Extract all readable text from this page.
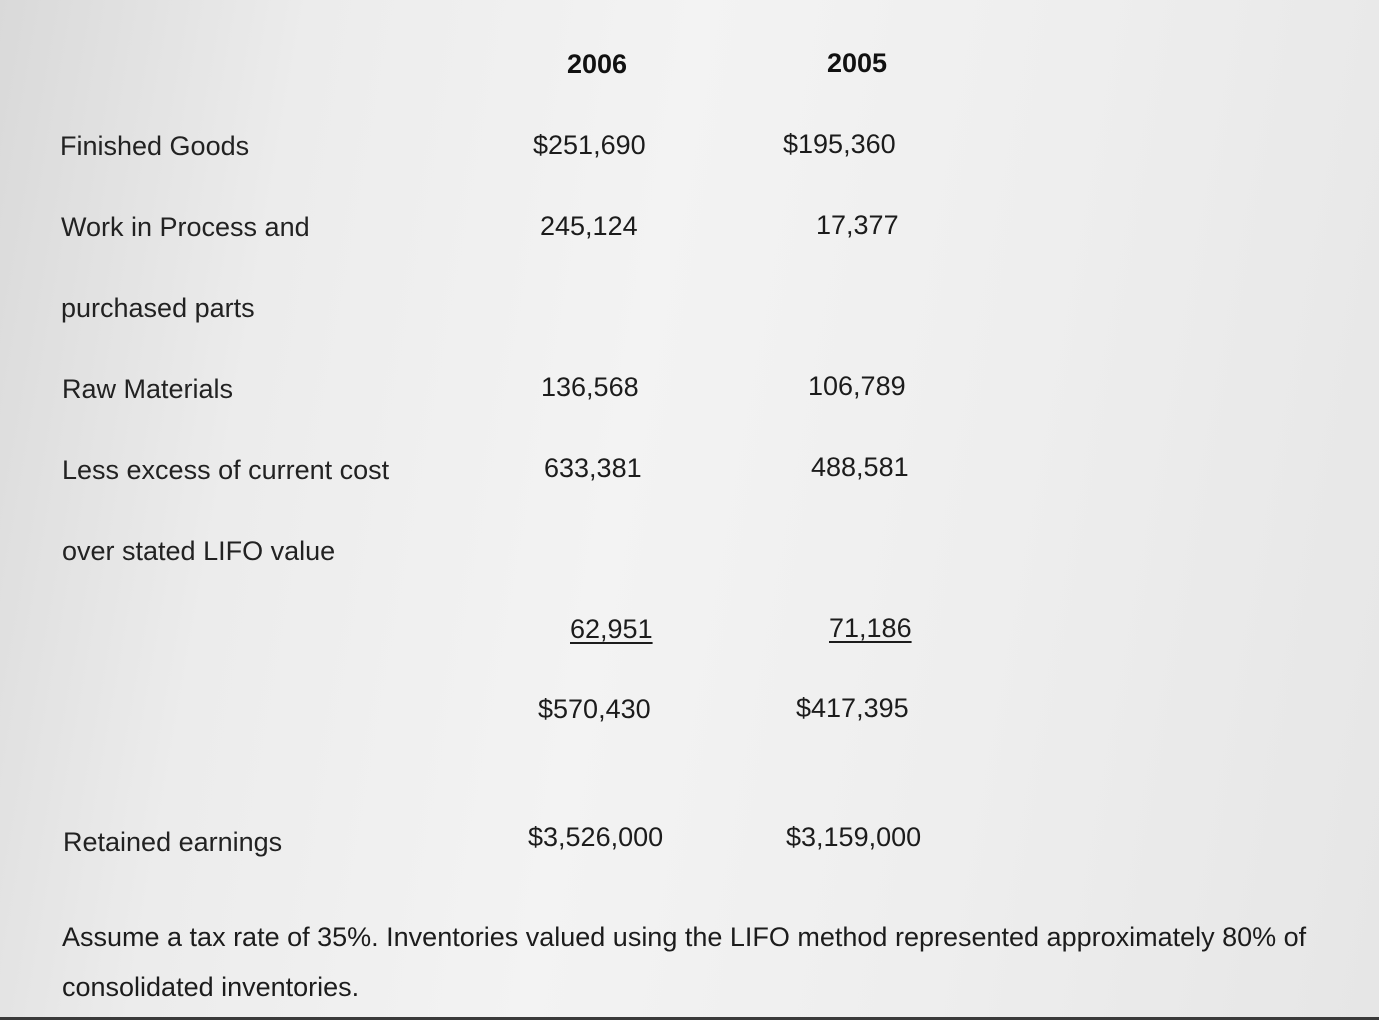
2006	2005
Finished Goods	$251,690	$195,360
Work in Process and	245,124	17,377
purchased parts
Raw Materials	136,568	106,789
Less excess of current cost	633,381	488,581
over stated LIFO value
62,951	71,186
$570,430	$417,395
Retained earnings	$3,526,000	$3,159,000
Assume a tax rate of 35%. Inventories valued using the LIFO method represented approximately 80% of consolidated inventories.
